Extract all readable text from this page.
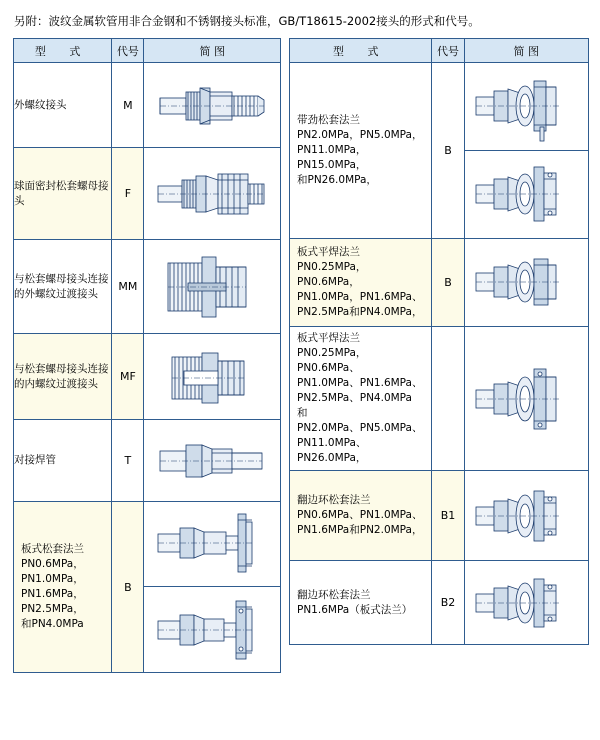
另附：波纹金属软管用非合金钢和不锈钢接头标准，GB/T18615-2002接头的形式和代号。
型 式	代号	简 图
外螺纹接头	M	

球面密封松套螺母接头	F	

与松套螺母接头连接的外螺纹过渡接头	MM	

与松套螺母接头连接的内螺纹过渡接头	MF	

对接焊管	T	

板式松套法兰
PN0.6MPa，PN1.0MPa，
PN1.6MPa，PN2.5MPa，
和PN4.0MPa	B	
型 式	代号	简 图

带劲松套法兰
PN2.0MPa，PN5.0MPa，
PN11.0MPa，PN15.0MPa，
和PN26.0MPa，	B	

板式平焊法兰
PN0.25MPa，PN0.6MPa，
PN1.0MPa，PN1.6MPa、
PN2.5MPa和PN4.0MPa，	B	

板式平焊法兰
PN0.25MPa，PN0.6MPa、
PN1.0MPa、PN1.6MPa、
PN2.5MPa、PN4.0MPa 和
PN2.0MPa、PN5.0MPa、
PN11.0MPa、PN26.0MPa，

翻边环松套法兰
PN0.6MPa、PN1.0MPa、
PN1.6MPa和PN2.0MPa，	B1	

翻边环松套法兰
PN1.6MPa（板式法兰）	B2	
